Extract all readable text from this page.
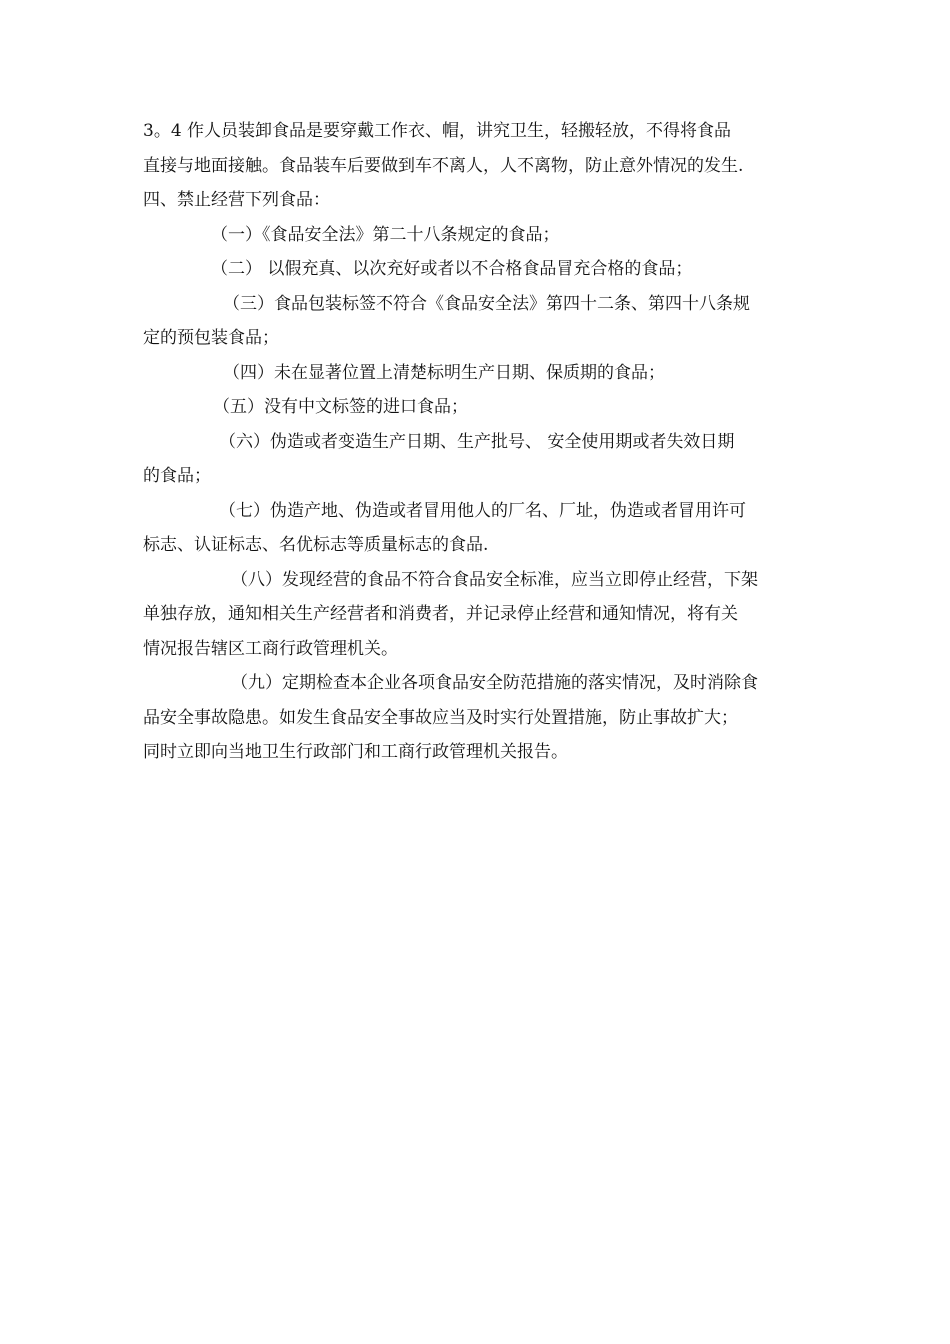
3。4 作人员装卸食品是要穿戴工作衣、帽，讲究卫生，轻搬轻放，不得将食品
直接与地面接触。食品装车后要做到车不离人，人不离物，防止意外情况的发生.
四、禁止经营下列食品：

（一）《食品安全法》第二十八条规定的食品；

（二） 以假充真、以次充好或者以不合格食品冒充合格的食品；

（三）食品包装标签不符合《食品安全法》第四十二条、第四十八条规
定的预包装食品；

（四）未在显著位置上清楚标明生产日期、保质期的食品；

（五）没有中文标签的进口食品；

（六）伪造或者变造生产日期、生产批号、 安全使用期或者失效日期
的食品；

（七）伪造产地、伪造或者冒用他人的厂名、厂址，伪造或者冒用许可
标志、认证标志、名优标志等质量标志的食品.

（八）发现经营的食品不符合食品安全标准，应当立即停止经营，下架
单独存放，通知相关生产经营者和消费者，并记录停止经营和通知情况，将有关
情况报告辖区工商行政管理机关。

（九）定期检查本企业各项食品安全防范措施的落实情况，及时消除食
品安全事故隐患。如发生食品安全事故应当及时实行处置措施，防止事故扩大；
同时立即向当地卫生行政部门和工商行政管理机关报告。
